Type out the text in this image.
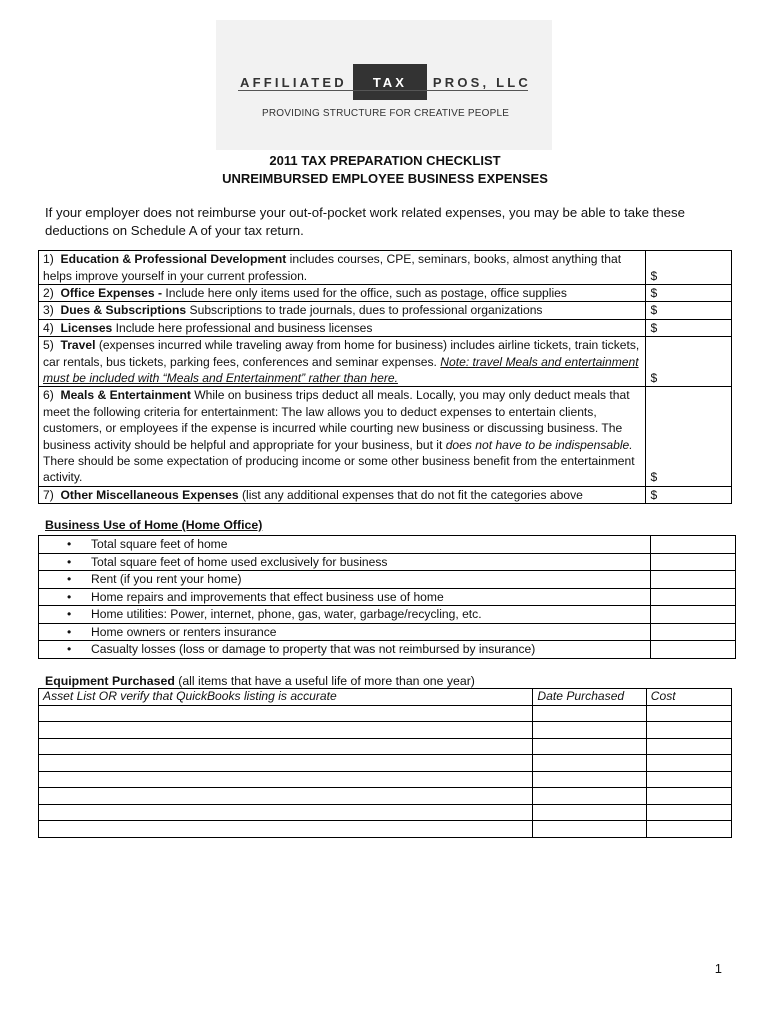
AFFILIATED	TAX	PROS, LLC
PROVIDING STRUCTURE FOR CREATIVE PEOPLE
2011 TAX PREPARATION CHECKLIST
UNREIMBURSED EMPLOYEE BUSINESS EXPENSES
If your employer does not reimburse your out-of-pocket work related expenses, you may be able to take these deductions on Schedule A of your tax return.
1) Education & Professional Development includes courses, CPE, seminars, books, almost anything that helps improve yourself in your current profession.	$
2) Office Expenses - Include here only items used for the office, such as postage, office supplies	$
3) Dues & Subscriptions Subscriptions to trade journals, dues to professional organizations	$
4) Licenses Include here professional and business licenses	$
5) Travel (expenses incurred while traveling away from home for business) includes airline tickets, train tickets, car rentals, bus tickets, parking fees, conferences and seminar expenses. Note: travel Meals and entertainment must be included with “Meals and Entertainment” rather than here.	$
6) Meals & Entertainment While on business trips deduct all meals. Locally, you may only deduct meals that meet the following criteria for entertainment: The law allows you to deduct expenses to entertain clients, customers, or employees if the expense is incurred while courting new business or discussing business. The business activity should be helpful and appropriate for your business, but it does not have to be indispensable. There should be some expectation of producing income or some other business benefit from the entertainment activity.	$
7) Other Miscellaneous Expenses (list any additional expenses that do not fit the categories above	$
Business Use of Home (Home Office)
• Total square feet of home	
• Total square feet of home used exclusively for business	
• Rent (if you rent your home)	
• Home repairs and improvements that effect business use of home	
• Home utilities: Power, internet, phone, gas, water, garbage/recycling, etc.	
• Home owners or renters insurance	
• Casualty losses (loss or damage to property that was not reimbursed by insurance)	
Equipment Purchased (all items that have a useful life of more than one year)
Asset List OR verify that QuickBooks listing is accurate	Date Purchased	Cost

1
